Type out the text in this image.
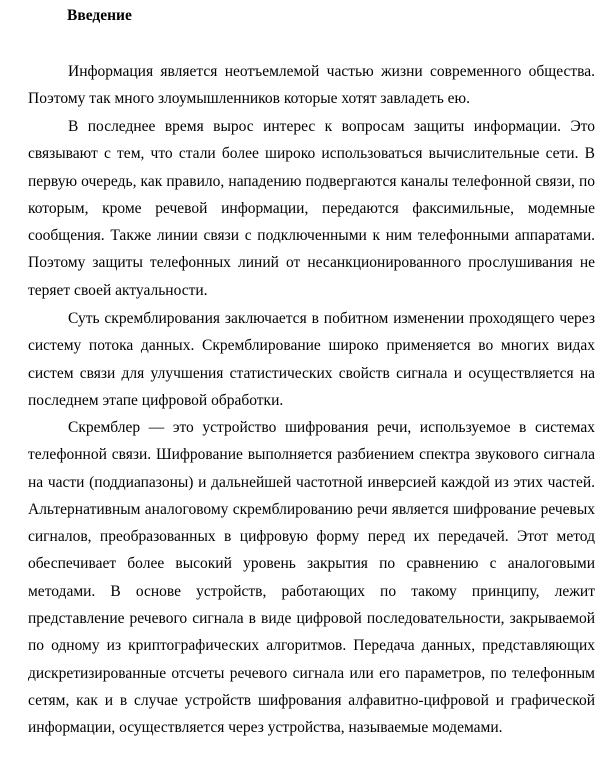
Введение

Информация является неотъемлемой частью жизни современного общества. Поэтому так много злоумышленников которые хотят завладеть ею.

В последнее время вырос интерес к вопросам защиты информации. Это связывают с тем, что стали более широко использоваться вычислительные сети. В первую очередь, как правило, нападению подвергаются каналы телефонной связи, по которым, кроме речевой информации, передаются факсимильные, модемные сообщения. Также линии связи с подключенными к ним телефонными аппаратами. Поэтому защиты телефонных линий от несанкционированного прослушивания не теряет своей актуальности.

Суть скремблирования заключается в побитном изменении проходящего через систему потока данных. Скремблирование широко применяется во многих видах систем связи для улучшения статистических свойств сигнала и осуществляется на последнем этапе цифровой обработки.

Скремблер — это устройство шифрования речи, используемое в системах телефонной связи. Шифрование выполняется разбиением спектра звукового сигнала на части (поддиапазоны) и дальнейшей частотной инверсией каждой из этих частей. Альтернативным аналоговому скремблированию речи является шифрование речевых сигналов, преобразованных в цифровую форму перед их передачей. Этот метод обеспечивает более высокий уровень закрытия по сравнению с аналоговыми методами. В основе устройств, работающих по такому принципу, лежит представление речевого сигнала в виде цифровой последовательности, закрываемой по одному из криптографических алгоритмов. Передача данных, представляющих дискретизированные отсчеты речевого сигнала или его параметров, по телефонным сетям, как и в случае устройств шифрования алфавитно-цифровой и графической информации, осуществляется через устройства, называемые модемами.
